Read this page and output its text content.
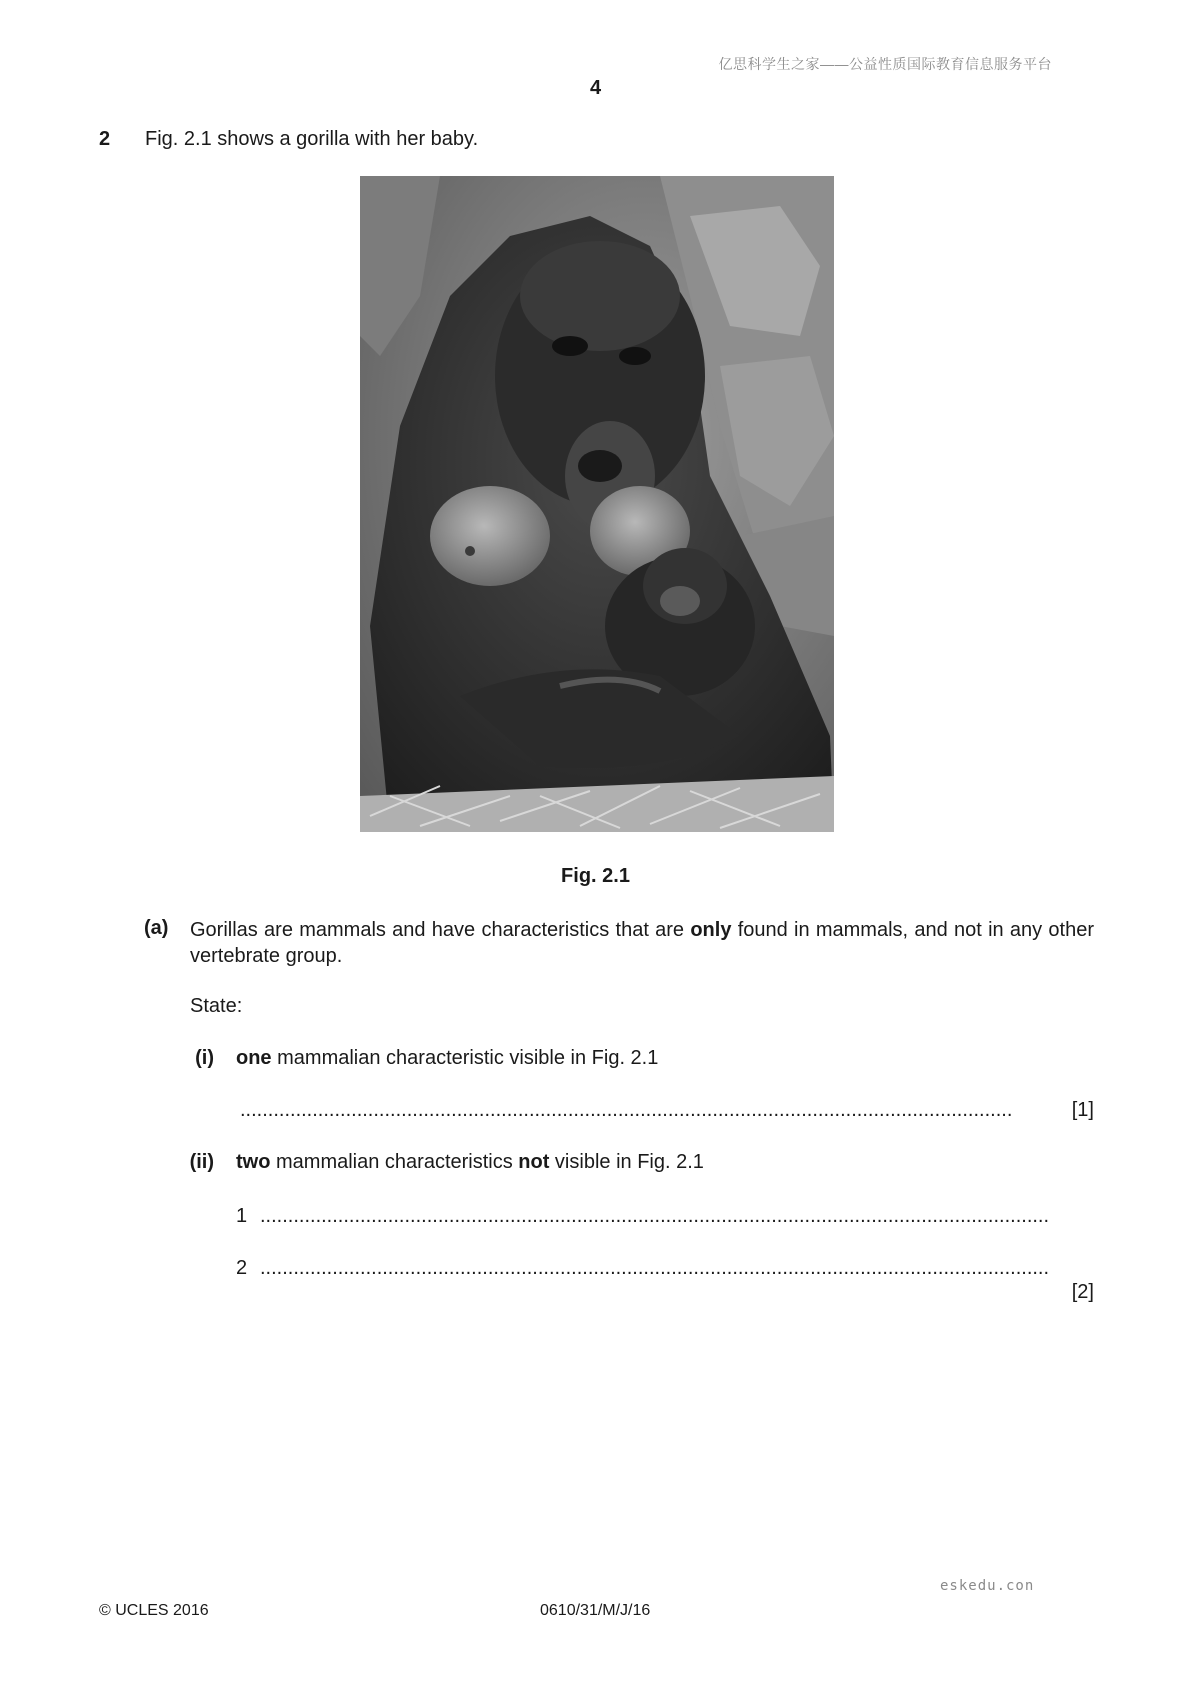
亿思科学生之家——公益性质国际教育信息服务平台
4
2 Fig. 2.1 shows a gorilla with her baby.
Fig. 2.1
(a) Gorillas are mammals and have characteristics that are only found in mammals, and not in any other vertebrate group.
State:
(i) one mammalian characteristic visible in Fig. 2.1
...........................................................................................................................................	[1]
(ii) two mammalian characteristics not visible in Fig. 2.1
1 ..............................................................................................................................................
2 ..............................................................................................................................................
[2]
eskedu.con
© UCLES 2016	0610/31/M/J/16
